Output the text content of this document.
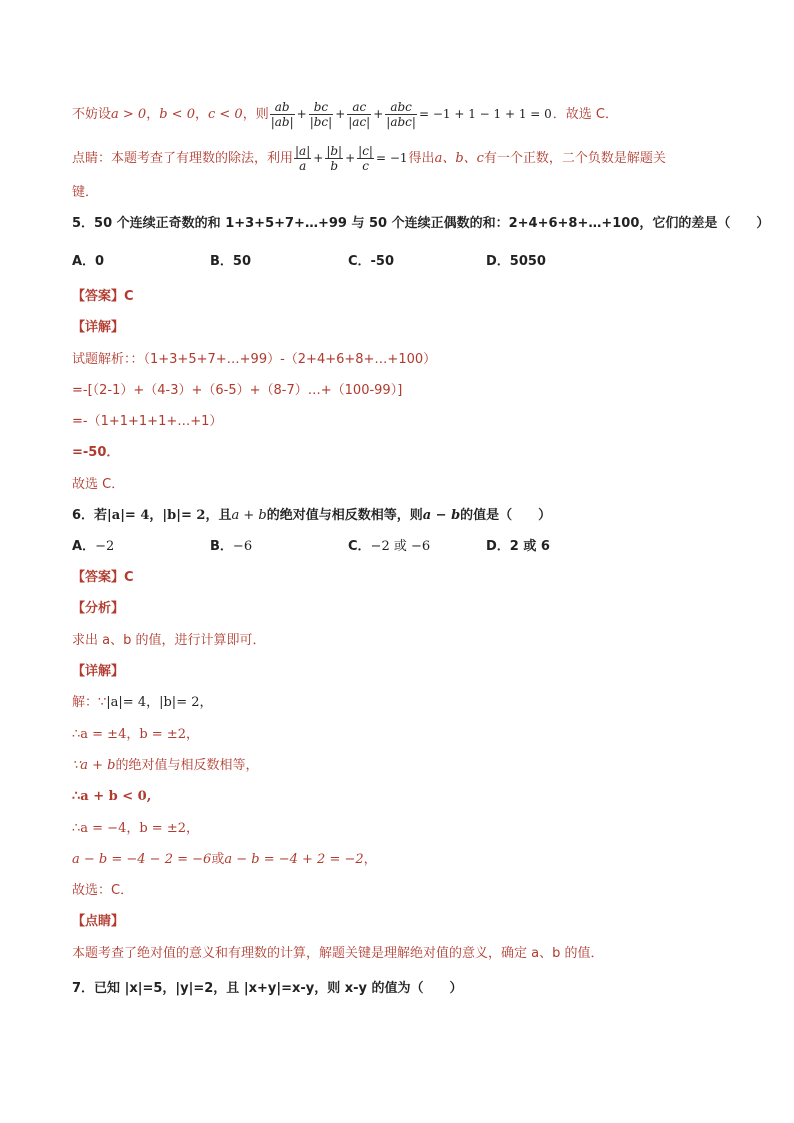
不妨设a > 0，b < 0，c < 0，则 $\frac{ab}{|ab|} + \frac{bc}{|bc|} + \frac{ac}{|ac|} + \frac{\text{abc}}{\text{|abc|}} = -1 + 1 - 1 + 1 = 0$．故选 C．
点睛：本题考查了有理数的除法，利用 $\frac{|a|}{a} + \frac{|b|}{b} + \frac{|c|}{c} = -1$得出a、b、c有一个正数，二个负数是解题关
键．
5．50 个连续正奇数的和 1+3+5+7+…+99 与 50 个连续正偶数的和：2+4+6+8+…+100，它们的差是（　　）
A．0	B．50	C．-50	D．5050
【答案】C
【详解】
试题解析：：（1+3+5+7+…+99）-（2+4+6+8+…+100）
=-[（2-1）+（4-3）+（6-5）+（8-7）…+（100-99）]
=-（1+1+1+1+…+1）
=-50．
故选 C．
6．若|a|= 4，|b|= 2，且a + b的绝对值与相反数相等，则a − b的值是（　　）
A．−2	B．−6	C．−2 或 −6	D．2 或 6
【答案】C
【分析】
求出 a、b 的值，进行计算即可．
【详解】
解：∵|a|= 4，|b|= 2，
∴a = ±4，b = ±2，
∵a + b的绝对值与相反数相等，
∴a + b < 0,
∴a = −4，b = ±2，
a − b = −4 − 2 = −6或a − b = −4 + 2 = −2，
故选：C．
【点睛】
本题考查了绝对值的意义和有理数的计算，解题关键是理解绝对值的意义，确定 a、b 的值．
7．已知 |x|=5，|y|=2，且 |x+y|=x-y，则 x-y 的值为（　　）
